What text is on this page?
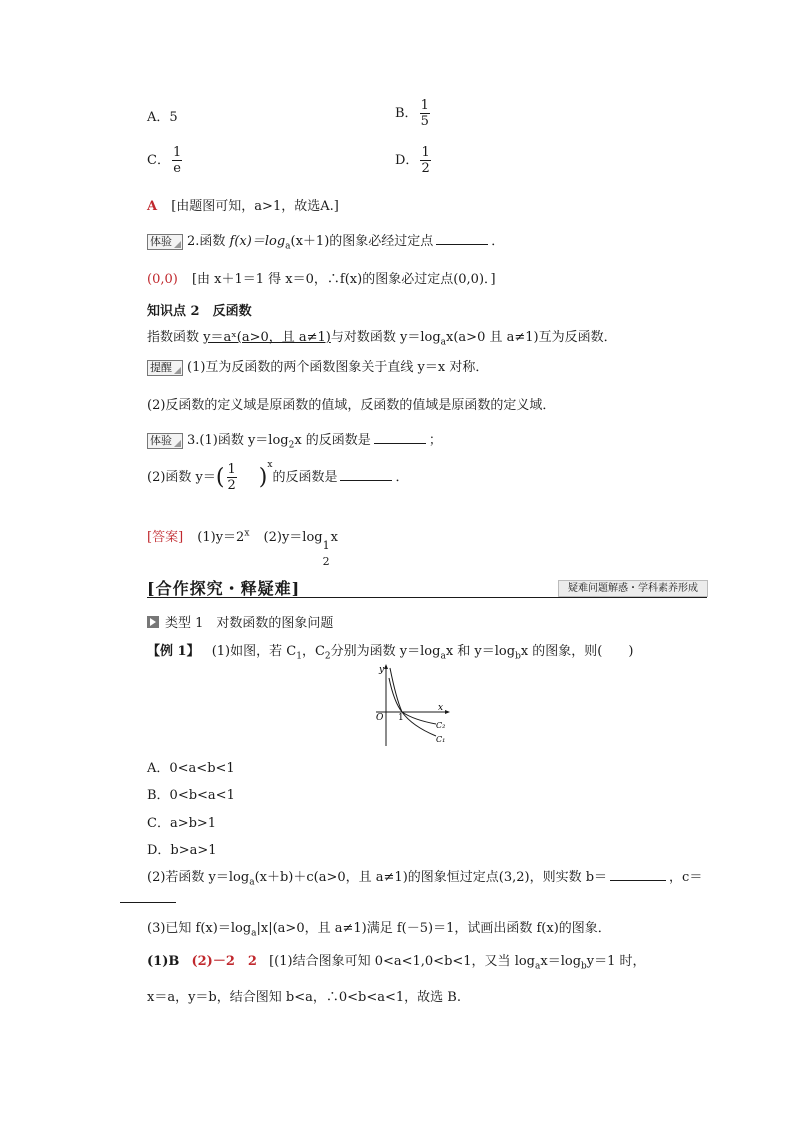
A．5	B． $\frac{1}{5}$
C． $\frac{1}{e}$	D． $\frac{1}{2}$
A [由题图可知，a>1，故选A.]
体验 2.函数 $f(x)=\log_a(x+1)$的图象必经过定点	．
(0,0) [由 x＋1＝1 得 x＝0，∴f(x)的图象必过定点(0,0)．]
知识点 2　反函数
指数函数 y＝aˣ(a>0，且 a≠1)与对数函数 $y=\log_ax(a>0$ 且 a≠1)互为反函数．
提醒 (1)互为反函数的两个函数图象关于直线 y＝x 对称．
(2)反函数的定义域是原函数的值域，反函数的值域是原函数的定义域．
体验 3.(1)函数 $y=\log_2x$ 的反函数是	；
(2)函数 $y=( \frac{1}{2} )^x$的反函数是	．
[答案] $(1)y=2^x$ (2)y＝log
1
2
x
[合作探究・释疑难]	疑难问题解惑・学科素养形成
类型 1　对数函数的图象问题
【例 1】 (1)如图，若 $C_1$，$C_2$分别为函数 $y=\log_ax$ 和 $y=\log_bx$ 的图象，则(　　)
y
x
O 1
C₂
C₁
A．0<a<b<1
B．0<b<a<1
C．a>b>1
D．b>a>1
(2)若函数 $y=\log_a(x+b)+c(a>0$，且 a≠1)的图象恒过定点(3,2)，则实数 b＝	，c＝
(3)已知 $f(x)=\log_a|x|(a>0$，且 a≠1)满足 f(－5)＝1，试画出函数 f(x)的图象．
(1)B (2)－2　2 [(1)结合图象可知 0<a<1,0<b<1，又当 $\log_ax=\log_by=1$ 时，
x＝a，y＝b，结合图知 b<a，∴0<b<a<1，故选 B.
